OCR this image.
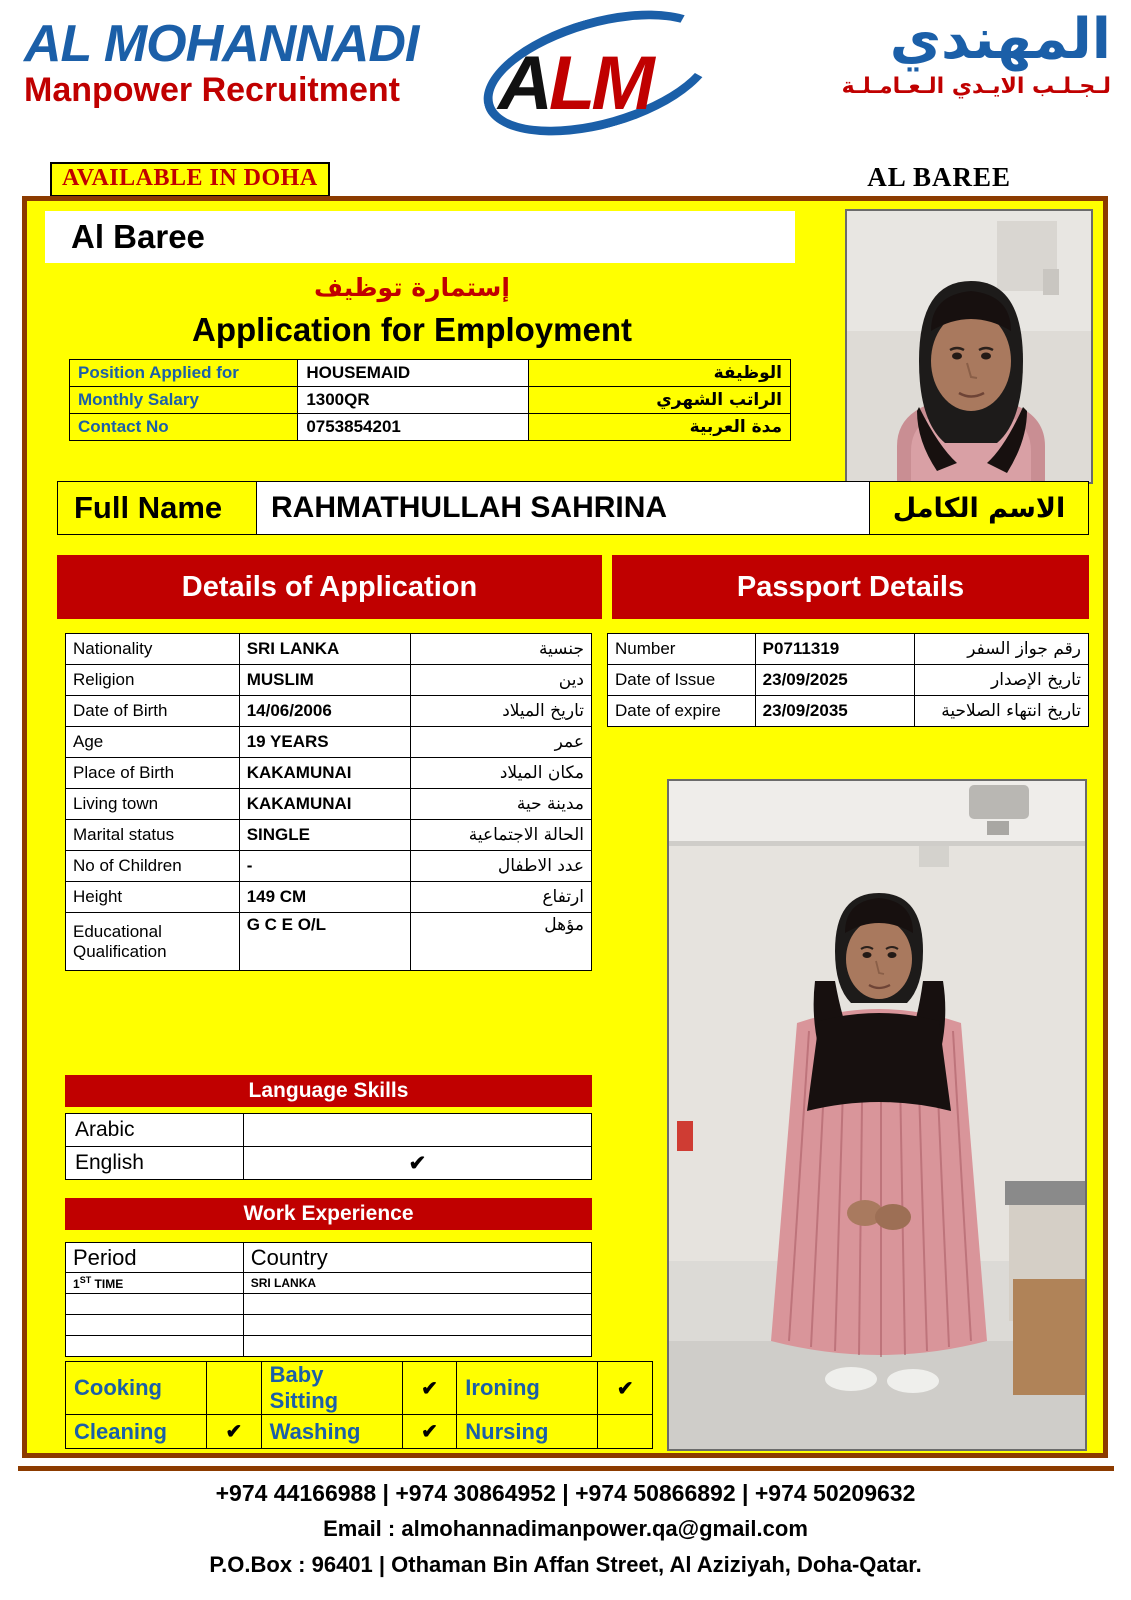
AL MOHANNADI
Manpower Recruitment ALM
المهندي
لـجـلـب الايـدي الـعـامـلـة
AVAILABLE IN DOHA	AL BAREE
Al Baree
إستمارة توظيف
Application for Employment
Position Applied for	HOUSEMAID	الوظيفة
Monthly Salary	1300QR	الراتب الشهري
Contact No	0753854201	مدة العربية
Full Name	RAHMATHULLAH SAHRINA	الاسم الكامل
Details of Application	Passport Details
Nationality	SRI LANKA	جنسية
Religion	MUSLIM	دين
Date of Birth	14/06/2006	تاريخ الميلاد
Age	19 YEARS	عمر
Place of Birth	KAKAMUNAI	مكان الميلاد
Living town	KAKAMUNAI	مدينة حية
Marital status	SINGLE	الحالة الاجتماعية
No of Children	-	عدد الاطفال
Height	149 CM	ارتفاع
Educational Qualification	G C E O/L	مؤهل
Number	P0711319	رقم جواز السفر
Date of Issue	23/09/2025	تاريخ الإصدار
Date of expire	23/09/2035	تاريخ انتهاء الصلاحية
Language Skills
Arabic	
English	✔
Work Experience
Period	Country
1ST TIME	SRI LANKA

Cooking		Baby Sitting	✔	Ironing	✔
Cleaning	✔	Washing	✔	Nursing	
+974 44166988 | +974 30864952 | +974 50866892 | +974 50209632
Email : almohannadimanpower.qa@gmail.com
P.O.Box : 96401 | Othaman Bin Affan Street, Al Aziziyah, Doha-Qatar.
